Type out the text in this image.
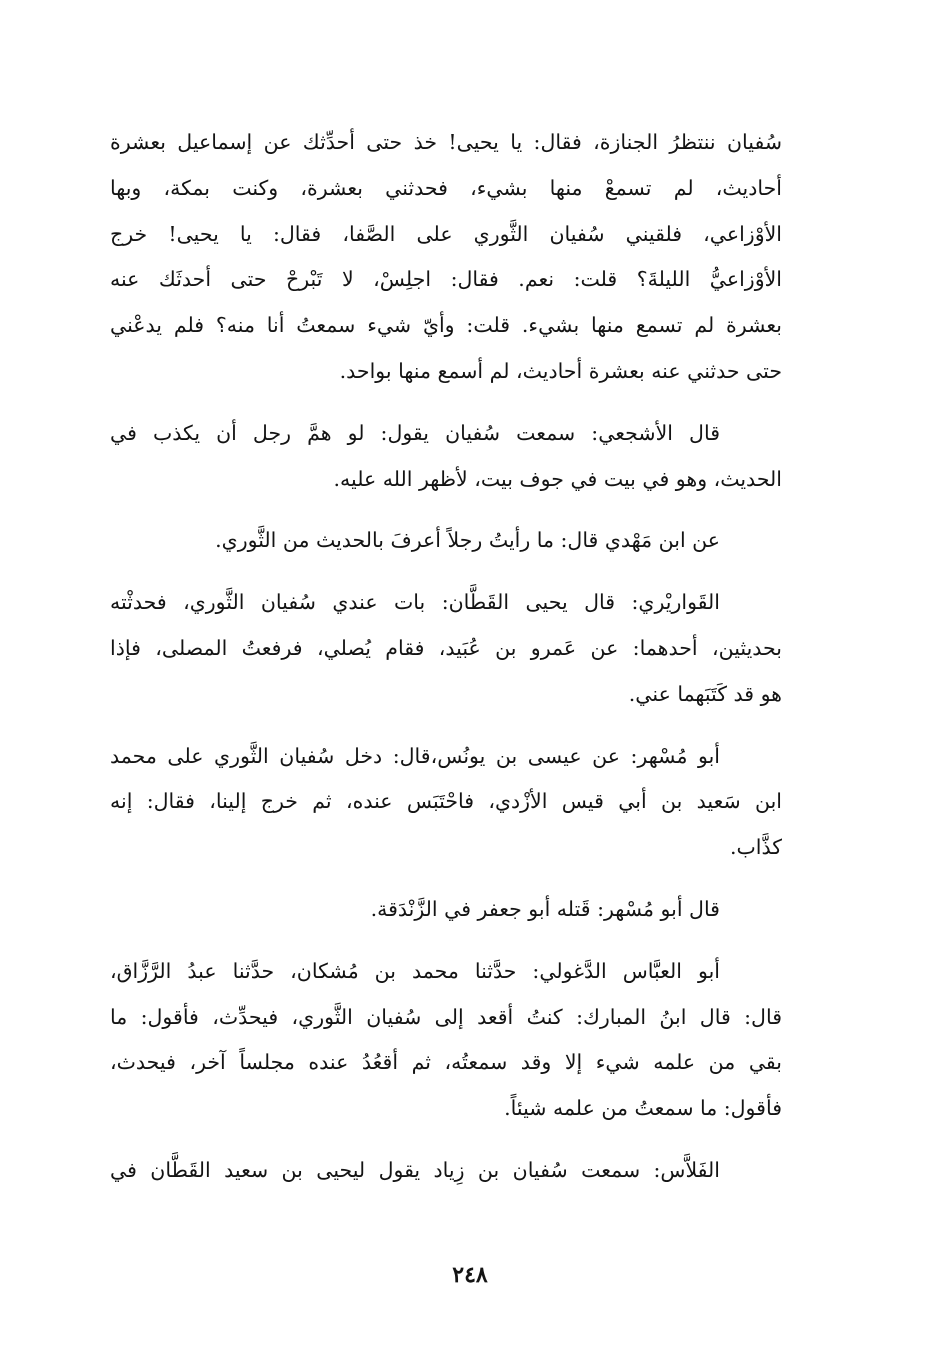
سُفيان ننتظرُ الجنازة، فقال: يا يحيى! خذ حتى أحدِّثك عن إسماعيل بعشرة
أحاديث، لم تسمعْ منها بشيء، فحدثني بعشرة، وكنت بمكة، وبها
الأوْزاعي، فلقيني سُفيان الثَّوري على الصَّفا، فقال: يا يحيى! خرج
الأوْزاعيُّ الليلةَ؟ قلت: نعم. فقال: اجلِسْ، لا تَبْرحْ حتى أحدثَك عنه
بعشرة لم تسمع منها بشيء. قلت: وأيّ شيء سمعتُ أنا منه؟ فلم يدعْني
حتى حدثني عنه بعشرة أحاديث، لم أسمع منها بواحد.
قال الأشجعي: سمعت سُفيان يقول: لو همَّ رجل أن يكذب في
الحديث، وهو في بيت في جوف بيت، لأظهر الله عليه.
عن ابن مَهْدي قال: ما رأيتُ رجلاً أعرفَ بالحديث من الثَّوري.
القَواريْري: قال يحيى القَطَّان: بات عندي سُفيان الثَّوري، فحدثْته
بحديثين، أحدهما: عن عَمرو بن عُبَيد، فقام يُصلي، فرفعتُ المصلى، فإذا
هو قد كَتَبَهما عني.
أبو مُسْهر: عن عيسى بن يونُس،قال: دخل سُفيان الثَّوري على محمد
ابن سَعيد بن أبي قيس الأزْدي، فاحْتَبَس عنده، ثم خرج إلينا، فقال: إنه
كذَّاب.
قال أبو مُسْهر: قَتله أبو جعفر في الزَّنْدَقة.
أبو العبَّاس الدَّغولي: حدَّثنا محمد بن مُشكان، حدَّثنا عبدُ الرَّزَّاق،
قال: قال ابنُ المبارك: كنتُ أقعد إلى سُفيان الثَّوري، فيحدِّث، فأقول: ما
بقي من علمه شيء إلا وقد سمعتُه، ثم أقعُدُ عنده مجلساً آخر، فيحدث،
فأقول: ما سمعتُ من علمه شيئاً.
الفَلاَّس: سمعت سُفيان بن زِياد يقول ليحيى بن سعيد القَطَّان في
٢٤٨
